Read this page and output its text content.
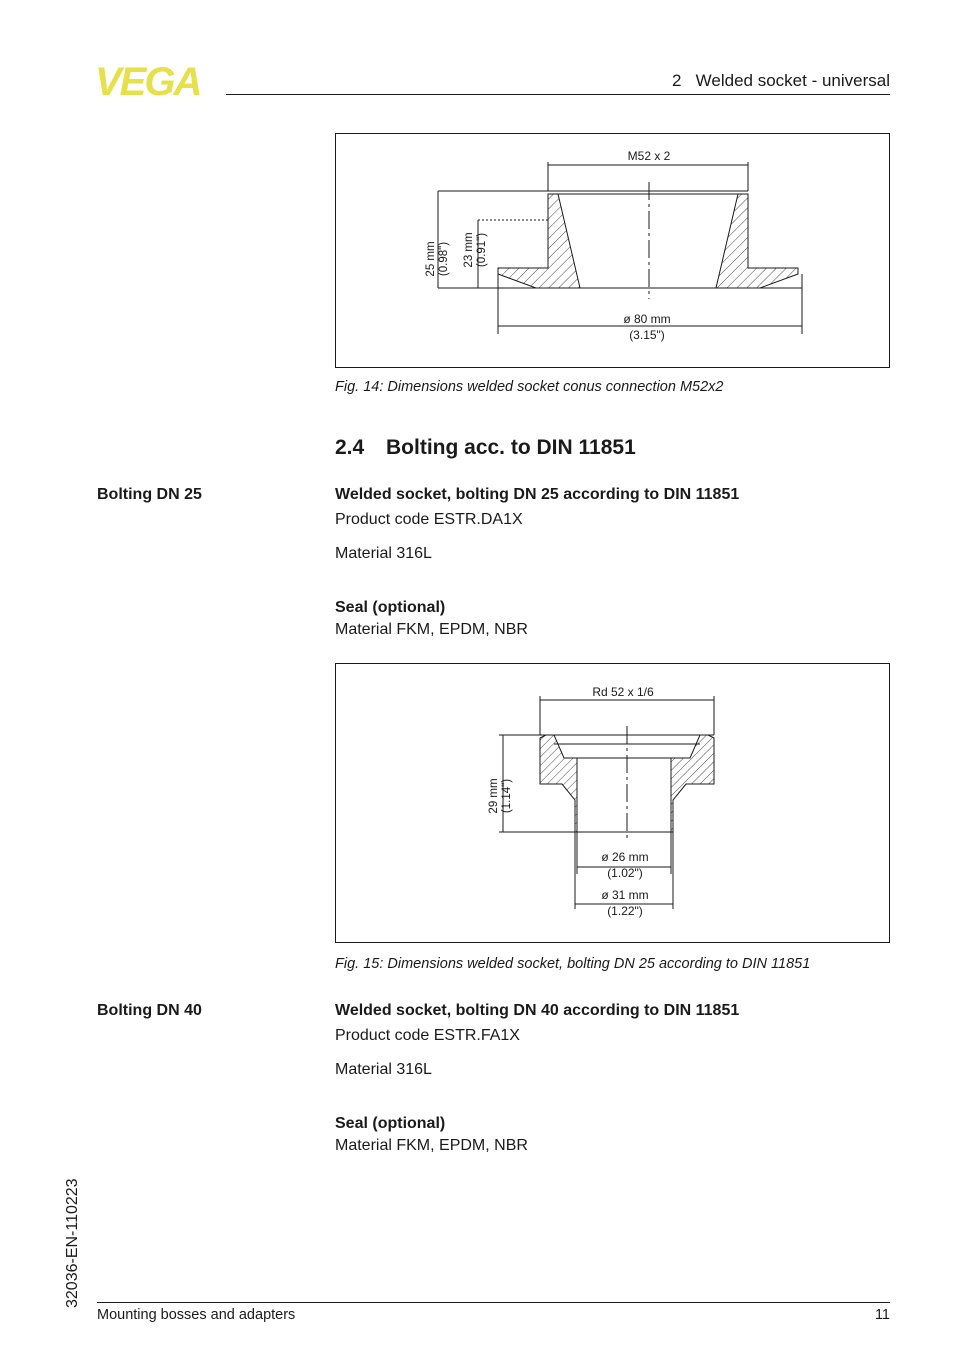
VEGA	2   Welded socket - universal
M52 x 2
25 mm (0.98") 23 mm (0.91")
ø 80 mm
(3.15")
Fig. 14: Dimensions welded socket conus connection M52x2
2.4 Bolting acc. to DIN 11851
Bolting DN 25	Welded socket, bolting DN 25 according to DIN 11851
Product code ESTR.DA1X
Material 316L
Seal (optional)
Material FKM, EPDM, NBR
Rd 52 x 1/6
29 mm (1.14")
ø 26 mm
(1.02")
ø 31 mm
(1.22")
Fig. 15: Dimensions welded socket, bolting DN 25 according to DIN 11851
Bolting DN 40	Welded socket, bolting DN 40 according to DIN 11851
Product code ESTR.FA1X
Material 316L
Seal (optional)
Material FKM, EPDM, NBR
32036-EN-110223
Mounting bosses and adapters	11
